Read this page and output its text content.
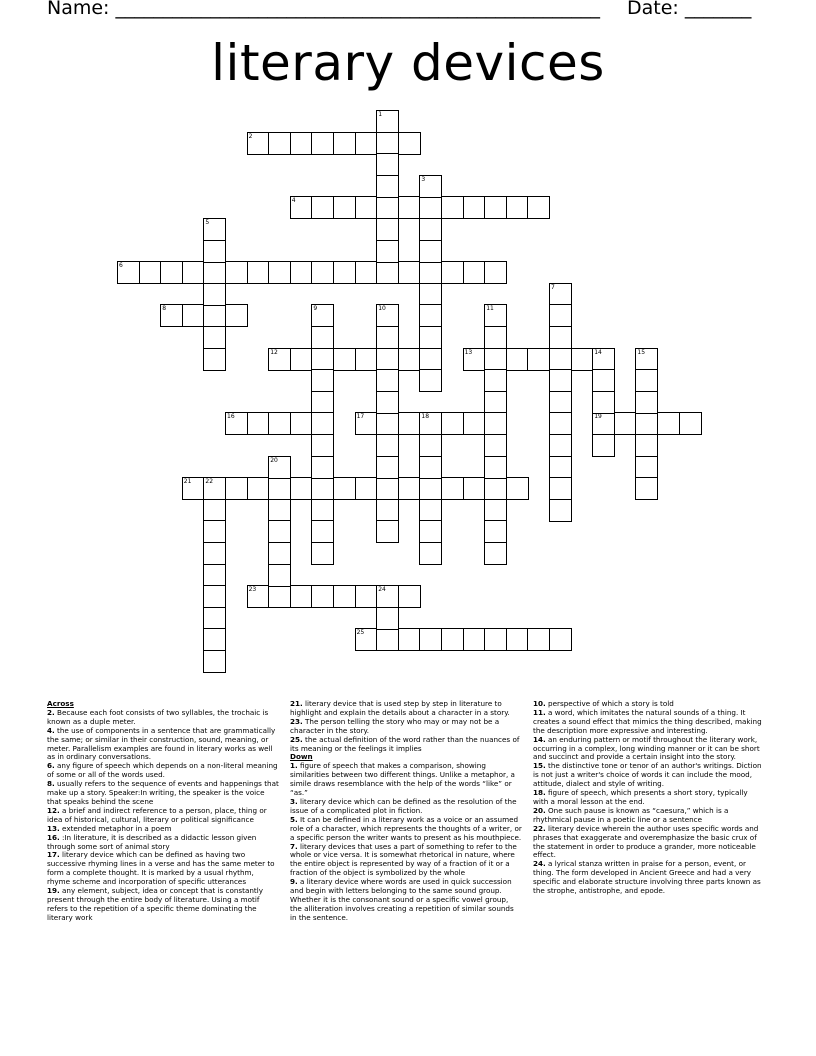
Name: ___________________________________________________ Date: _______
literary devices
2
4
6
8
12	13	14
16	17	18	19
21 22
23	24
25
1
3
5
7
9	10	11
15
20
Across
2. Because each foot consists of two syllables, the trochaic is known as a duple meter.
4. the use of components in a sentence that are grammatically the same; or similar in their construction, sound, meaning, or meter. Parallelism examples are found in literary works as well as in ordinary conversations.
6. any figure of speech which depends on a non-literal meaning of some or all of the words used.
8. usually refers to the sequence of events and happenings that make up a story. Speaker:In writing, the speaker is the voice that speaks behind the scene
12. a brief and indirect reference to a person, place, thing or idea of historical, cultural, literary or political significance
13. extended metaphor in a poem
16. :In literature, it is described as a didactic lesson given through some sort of animal story
17. literary device which can be defined as having two successive rhyming lines in a verse and has the same meter to form a complete thought. It is marked by a usual rhythm, rhyme scheme and incorporation of specific utterances
19. any element, subject, idea or concept that is constantly present through the entire body of literature. Using a motif refers to the repetition of a specific theme dominating the literary work
21. literary device that is used step by step in literature to highlight and explain the details about a character in a story.
23. The person telling the story who may or may not be a character in the story.
25. the actual definition of the word rather than the nuances of its meaning or the feelings it implies
Down
1. figure of speech that makes a comparison, showing similarities between two different things. Unlike a metaphor, a simile draws resemblance with the help of the words “like” or “as.”
3. literary device which can be defined as the resolution of the issue of a complicated plot in fiction.
5. It can be defined in a literary work as a voice or an assumed role of a character, which represents the thoughts of a writer, or a specific person the writer wants to present as his mouthpiece.
7. literary devices that uses a part of something to refer to the whole or vice versa. It is somewhat rhetorical in nature, where the entire object is represented by way of a fraction of it or a fraction of the object is symbolized by the whole
9. a literary device where words are used in quick succession and begin with letters belonging to the same sound group. Whether it is the consonant sound or a specific vowel group, the alliteration involves creating a repetition of similar sounds in the sentence.
10. perspective of which a story is told
11. a word, which imitates the natural sounds of a thing. It creates a sound effect that mimics the thing described, making the description more expressive and interesting.
14. an enduring pattern or motif throughout the literary work, occurring in a complex, long winding manner or it can be short and succinct and provide a certain insight into the story.
15. the distinctive tone or tenor of an author's writings. Diction is not just a writer's choice of words it can include the mood, attitude, dialect and style of writing.
18. figure of speech, which presents a short story, typically with a moral lesson at the end.
20. One such pause is known as “caesura,” which is a rhythmical pause in a poetic line or a sentence
22. literary device wherein the author uses specific words and phrases that exaggerate and overemphasize the basic crux of the statement in order to produce a grander, more noticeable effect.
24. a lyrical stanza written in praise for a person, event, or thing. The form developed in Ancient Greece and had a very specific and elaborate structure involving three parts known as the strophe, antistrophe, and epode.
